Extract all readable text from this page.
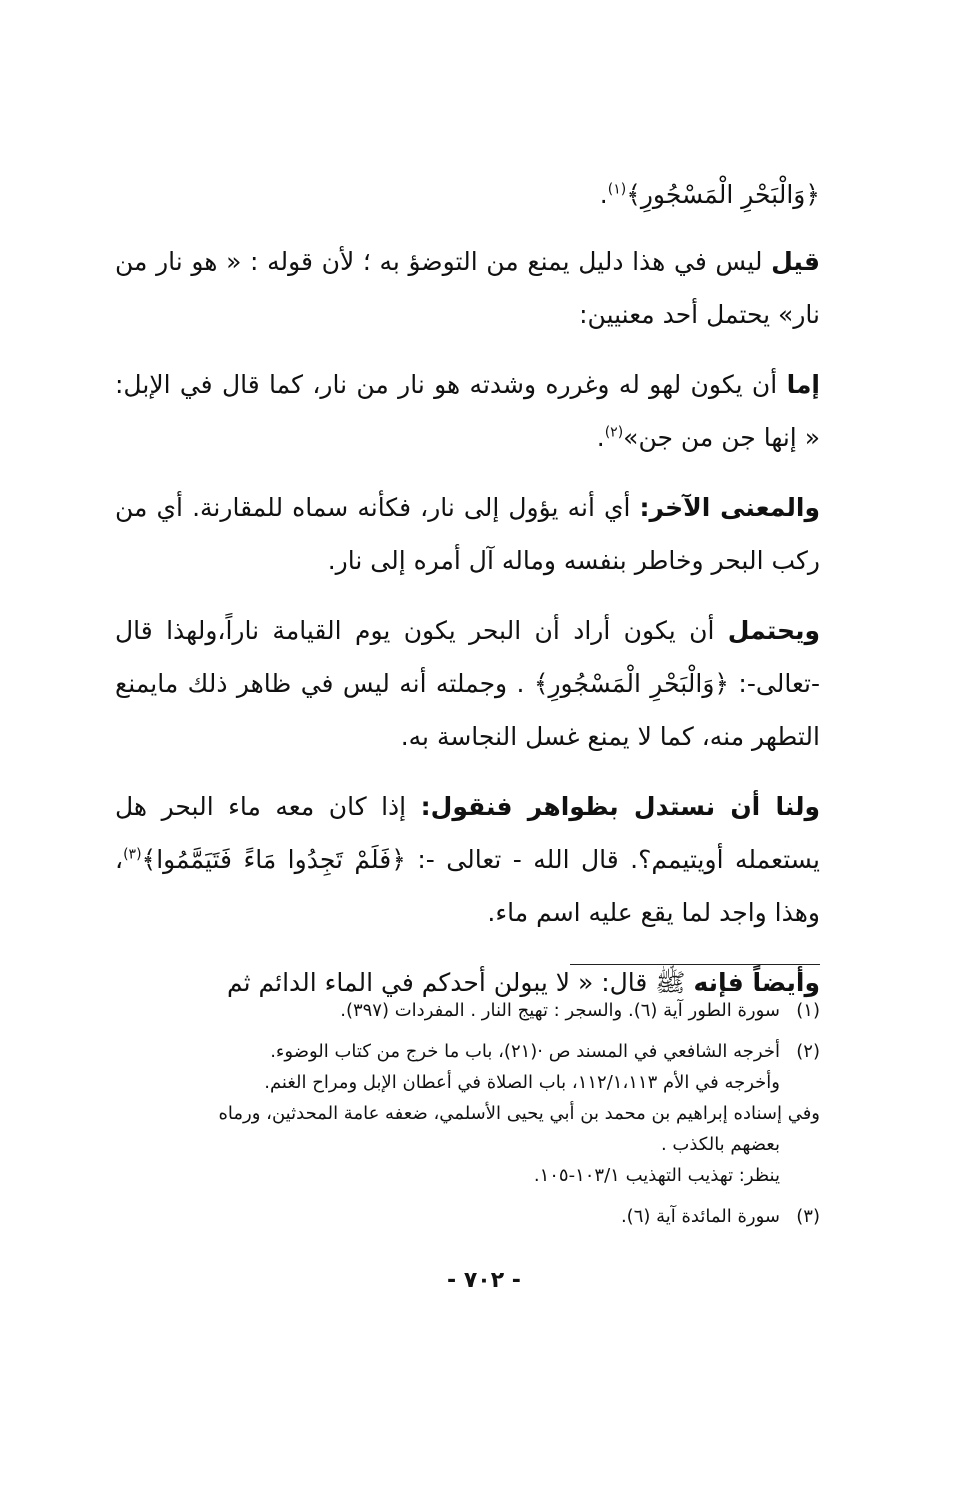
﴿وَالْبَحْرِ الْمَسْجُورِ﴾$^{(١)}$.

قيل ليس في هذا دليل يمنع من التوضؤ به ؛ لأن قوله : « هو نار من نار» يحتمل أحد معنيين:

إما أن يكون لهو له وغرره وشدته هو نار من نار، كما قال في الإبل: « إنها جن من جن»$^{(٢)}$.

والمعنى الآخر: أي أنه يؤول إلى نار، فكأنه سماه للمقارنة. أي من ركب البحر وخاطر بنفسه وماله آل أمره إلى نار.

ويحتمل أن يكون أراد أن البحر يكون يوم القيامة ناراً،ولهذا قال -تعالى-: ﴿وَالْبَحْرِ الْمَسْجُورِ﴾ . وجملته أنه ليس في ظاهر ذلك مايمنع التطهر منه، كما لا يمنع غسل النجاسة به.

ولنا أن نستدل بظواهر فنقول: إذا كان معه ماء البحر هل يستعمله أويتيمم؟. قال الله - تعالى -: ﴿فَلَمْ تَجِدُوا مَاءً فَتَيَمَّمُوا﴾$^{(٣)}$، وهذا واجد لما يقع عليه اسم ماء.

وأيضاً فإنه ﷺ قال: « لا يبولن أحدكم في الماء الدائم ثم

(١)
سورة الطور آية (٦). والسجر : تهيج النار . المفردات (٣٩٧).
(٢)
أخرجه الشافعي في المسند ص ·(٢١)، باب ما خرج من كتاب الوضوء.
وأخرجه في الأم ١١٢/١،١١٣، باب الصلاة في أعطان الإبل ومراح الغنم.
وفي إسناده إبراهيم بن محمد بن أبي يحيى الأسلمي، ضعفه عامة المحدثين، ورماه
بعضهم بالكذب .
ينظر: تهذيب التهذيب ١٠٣/١-١٠٥.
(٣)
سورة المائدة آية (٦).
- ٧٠٢ -
